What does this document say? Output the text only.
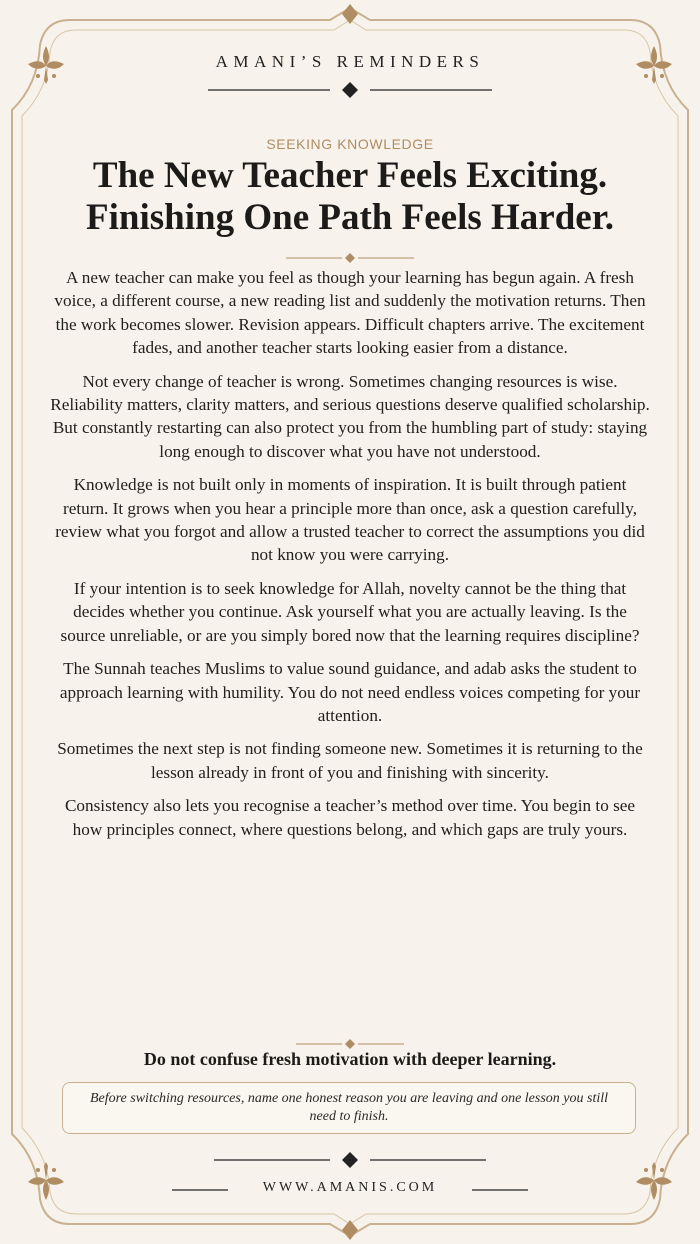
AMANI’S REMINDERS
SEEKING KNOWLEDGE
The New Teacher Feels Exciting.
Finishing One Path Feels Harder.

A new teacher can make you feel as though your learning has begun again. A fresh voice, a different course, a new reading list and suddenly the motivation returns. Then the work becomes slower. Revision appears. Difficult chapters arrive. The excitement fades, and another teacher starts looking easier from a distance.

Not every change of teacher is wrong. Sometimes changing resources is wise. Reliability matters, clarity matters, and serious questions deserve qualified scholarship. But constantly restarting can also protect you from the humbling part of study: staying long enough to discover what you have not understood.

Knowledge is not built only in moments of inspiration. It is built through patient return. It grows when you hear a principle more than once, ask a question carefully, review what you forgot and allow a trusted teacher to correct the assumptions you did not know you were carrying.

If your intention is to seek knowledge for Allah, novelty cannot be the thing that decides whether you continue. Ask yourself what you are actually leaving. Is the source unreliable, or are you simply bored now that the learning requires discipline?

The Sunnah teaches Muslims to value sound guidance, and adab asks the student to approach learning with humility. You do not need endless voices competing for your attention.

Sometimes the next step is not finding someone new. Sometimes it is returning to the lesson already in front of you and finishing with sincerity.

Consistency also lets you recognise a teacher’s method over time. You begin to see how principles connect, where questions belong, and which gaps are truly yours.

Do not confuse fresh motivation with deeper learning.
Before switching resources, name one honest reason you are leaving and one lesson you still need to finish.
WWW.AMANIS.COM
